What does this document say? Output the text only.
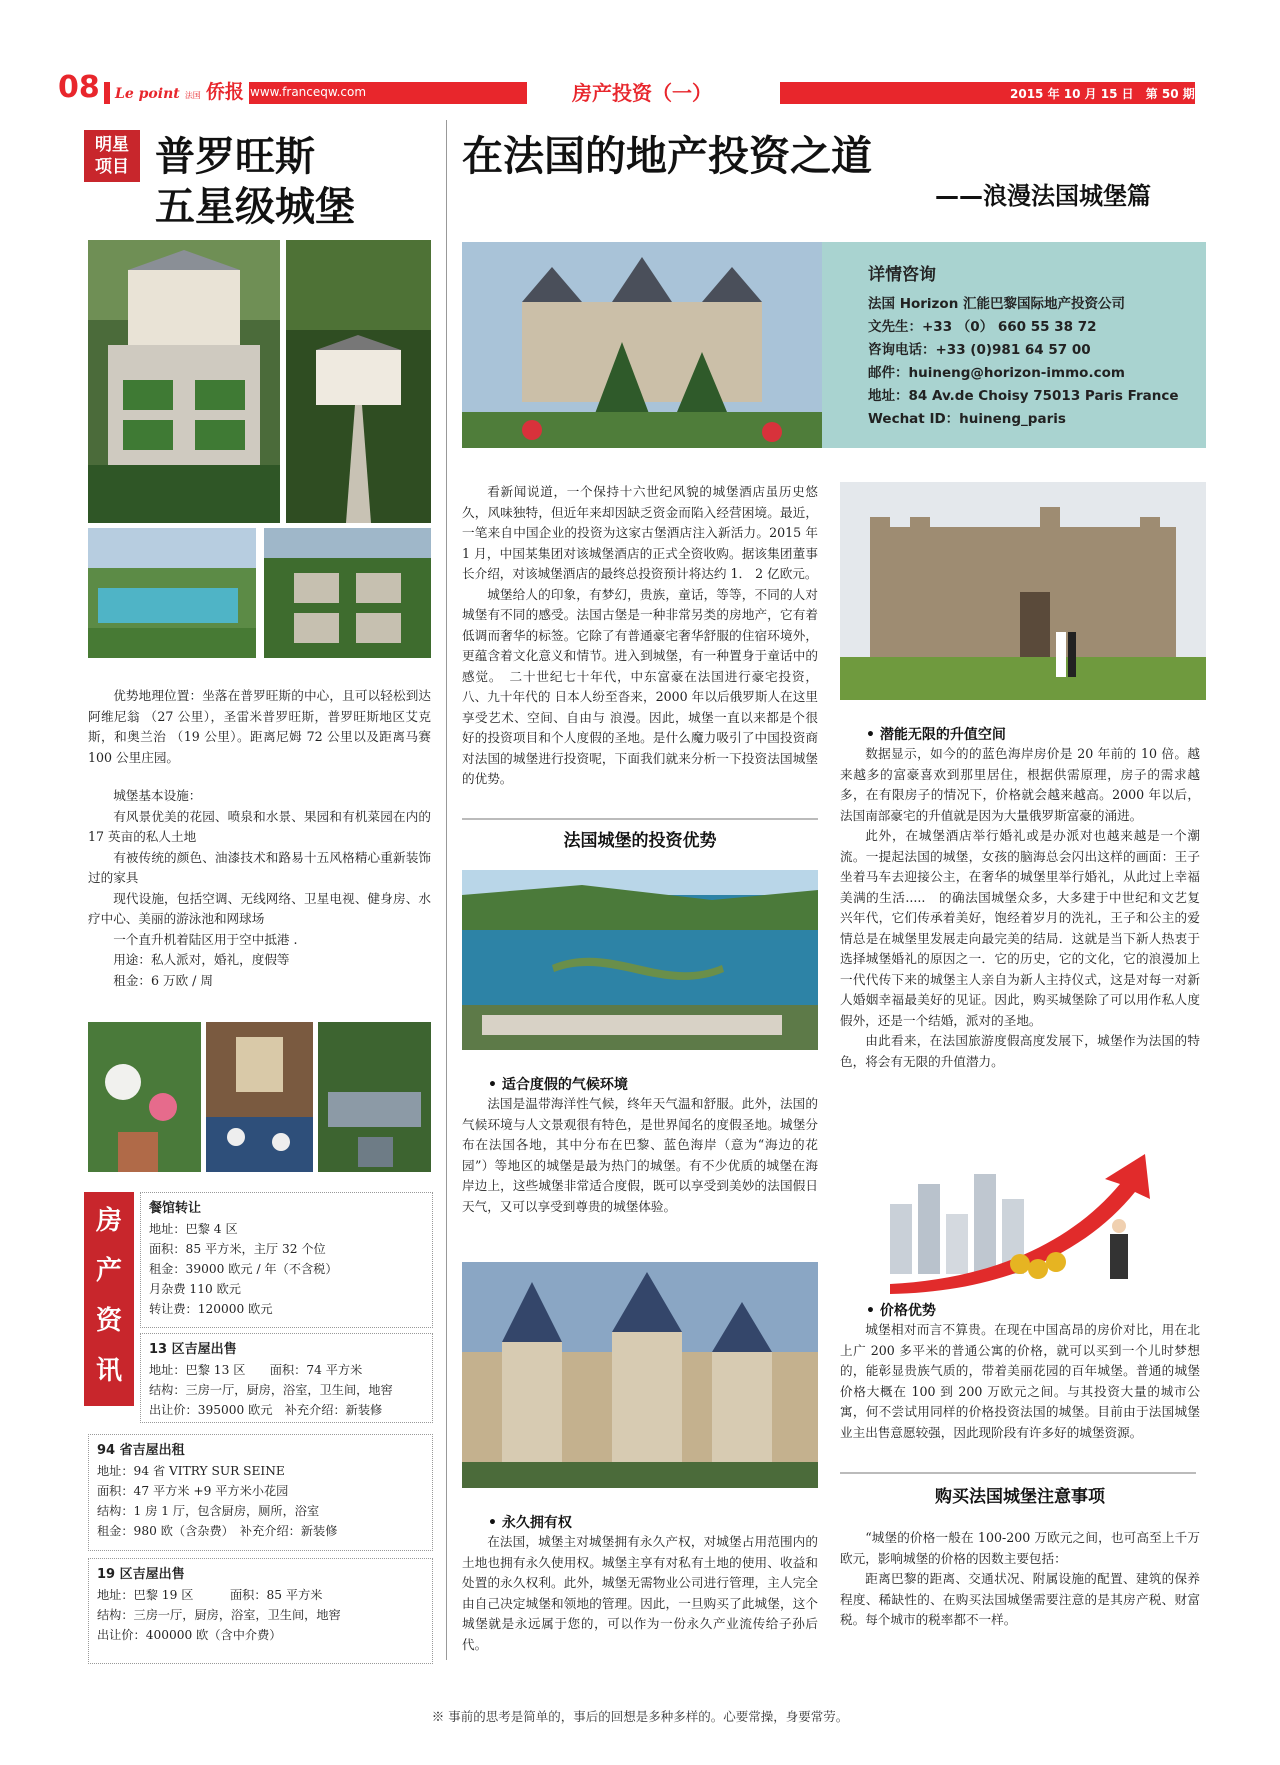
08	Le point 法国 侨报 www.franceqw.com	房产投资（一）	2015 年 10 月 15 日　第 50 期
明星
项目 普罗旺斯
五星级城堡

优势地理位置：坐落在普罗旺斯的中心，且可以轻松到达阿维尼翁 （27 公里），圣雷米普罗旺斯，普罗旺斯地区艾克斯，和奥兰治 （19 公里）。距离尼姆 72 公里以及距离马赛 100 公里庄园。

城堡基本设施：

有风景优美的花园、喷泉和水景、果园和有机菜园在内的 17 英亩的私人土地

有被传统的颜色、油漆技术和路易十五风格精心重新装饰过的家具

现代设施，包括空调、无线网络、卫星电视、健身房、水疗中心、美丽的游泳池和网球场

一个直升机着陆区用于空中抵港 .

用途：私人派对，婚礼，度假等

租金：6 万欧 / 周

房
产
资
讯
餐馆转让
地址：巴黎 4 区
面积：85 平方米，主厅 32 个位
租金：39000 欧元 / 年（不含税）
月杂费 110 欧元
转让费：120000 欧元
13 区吉屋出售
地址：巴黎 13 区　　面积：74 平方米
结构：三房一厅，厨房，浴室，卫生间，地窖
出让价：395000 欧元　补充介绍：新装修
94 省吉屋出租
地址：94 省 VITRY SUR SEINE
面积：47 平方米 +9 平方米小花园
结构：1 房 1 厅，包含厨房，厕所，浴室
租金：980 欧（含杂费）　补充介绍：新装修
19 区吉屋出售
地址：巴黎 19 区　　　面积：85 平方米
结构：三房一厅，厨房，浴室，卫生间，地窖
出让价：400000 欧（含中介费）
在法国的地产投资之道
——浪漫法国城堡篇
详情咨询
法国 Horizon 汇能巴黎国际地产投资公司
文先生：+33 （0） 660 55 38 72
咨询电话：+33 (0)981 64 57 00
邮件：huineng@horizon-immo.com
地址：84 Av.de Choisy 75013 Paris France
Wechat ID：huineng_paris

看新闻说道，一个保持十六世纪风貌的城堡酒店虽历史悠久，风味独特，但近年来却因缺乏资金而陷入经营困境。最近，一笔来自中国企业的投资为这家古堡酒店注入新活力。2015 年 1 月，中国某集团对该城堡酒店的正式全资收购。据该集团董事长介绍，对该城堡酒店的最终总投资预计将达约 1． 2 亿欧元。

城堡给人的印象，有梦幻，贵族，童话，等等，不同的人对城堡有不同的感受。法国古堡是一种非常另类的房地产，它有着低调而奢华的标签。它除了有普通豪宅奢华舒服的住宿环境外，更蕴含着文化意义和情节。进入到城堡，有一种置身于童话中的感觉。　二十世纪七十年代，中东富豪在法国进行豪宅投资，八、九十年代的 日本人纷至沓来，2000 年以后俄罗斯人在这里享受艺术、空间、自由与 浪漫。因此，城堡一直以来都是个很好的投资项目和个人度假的圣地。是什么魔力吸引了中国投资商对法国的城堡进行投资呢，下面我们就来分析一下投资法国城堡的优势。

法国城堡的投资优势
• 适合度假的气候环境

法国是温带海洋性气候，终年天气温和舒服。此外，法国的气候环境与人文景观很有特色，是世界闻名的度假圣地。城堡分布在法国各地，其中分布在巴黎、蓝色海岸（意为“海边的花园”）等地区的城堡是最为热门的城堡。有不少优质的城堡在海岸边上，这些城堡非常适合度假，既可以享受到美妙的法国假日天气，又可以享受到尊贵的城堡体验。

• 永久拥有权

在法国，城堡主对城堡拥有永久产权，对城堡占用范围内的土地也拥有永久使用权。城堡主享有对私有土地的使用、收益和处置的永久权利。此外，城堡无需物业公司进行管理，主人完全由自己决定城堡和领地的管理。因此，一旦购买了此城堡，这个城堡就是永远属于您的，可以作为一份永久产业流传给子孙后代。

• 潜能无限的升值空间

数据显示，如今的的蓝色海岸房价是 20 年前的 10 倍。越来越多的富豪喜欢到那里居住，根据供需原理，房子的需求越多，在有限房子的情况下，价格就会越来越高。2000 年以后，法国南部豪宅的升值就是因为大量俄罗斯富豪的涌进。

此外，在城堡酒店举行婚礼或是办派对也越来越是一个潮流。一提起法国的城堡，女孩的脑海总会闪出这样的画面：王子坐着马车去迎接公主，在奢华的城堡里举行婚礼，从此过上幸福美满的生活.....　的确法国城堡众多，大多建于中世纪和文艺复兴年代，它们传承着美好，饱经着岁月的洗礼，王子和公主的爱情总是在城堡里发展走向最完美的结局．这就是当下新人热衷于选择城堡婚礼的原因之一．它的历史，它的文化，它的浪漫加上一代代传下来的城堡主人亲自为新人主持仪式，这是对每一对新人婚姻幸福最美好的见证。因此，购买城堡除了可以用作私人度假外，还是一个结婚，派对的圣地。

由此看来，在法国旅游度假高度发展下，城堡作为法国的特色，将会有无限的升值潜力。

• 价格优势

城堡相对而言不算贵。在现在中国高昂的房价对比，用在北上广 200 多平米的普通公寓的价格，就可以买到一个儿时梦想的，能彰显贵族气质的，带着美丽花园的百年城堡。普通的城堡价格大概在 100 到 200 万欧元之间。与其投资大量的城市公寓，何不尝试用同样的价格投资法国的城堡。目前由于法国城堡业主出售意愿较强，因此现阶段有许多好的城堡资源。

购买法国城堡注意事项

“城堡的价格一般在 100-200 万欧元之间，也可高至上千万欧元，影响城堡的价格的因数主要包括：

距离巴黎的距离、交通状况、附属设施的配置、建筑的保养程度、稀缺性的、在购买法国城堡需要注意的是其房产税、财富税。每个城市的税率都不一样。

※ 事前的思考是简单的，事后的回想是多种多样的。心要常操，身要常劳。
